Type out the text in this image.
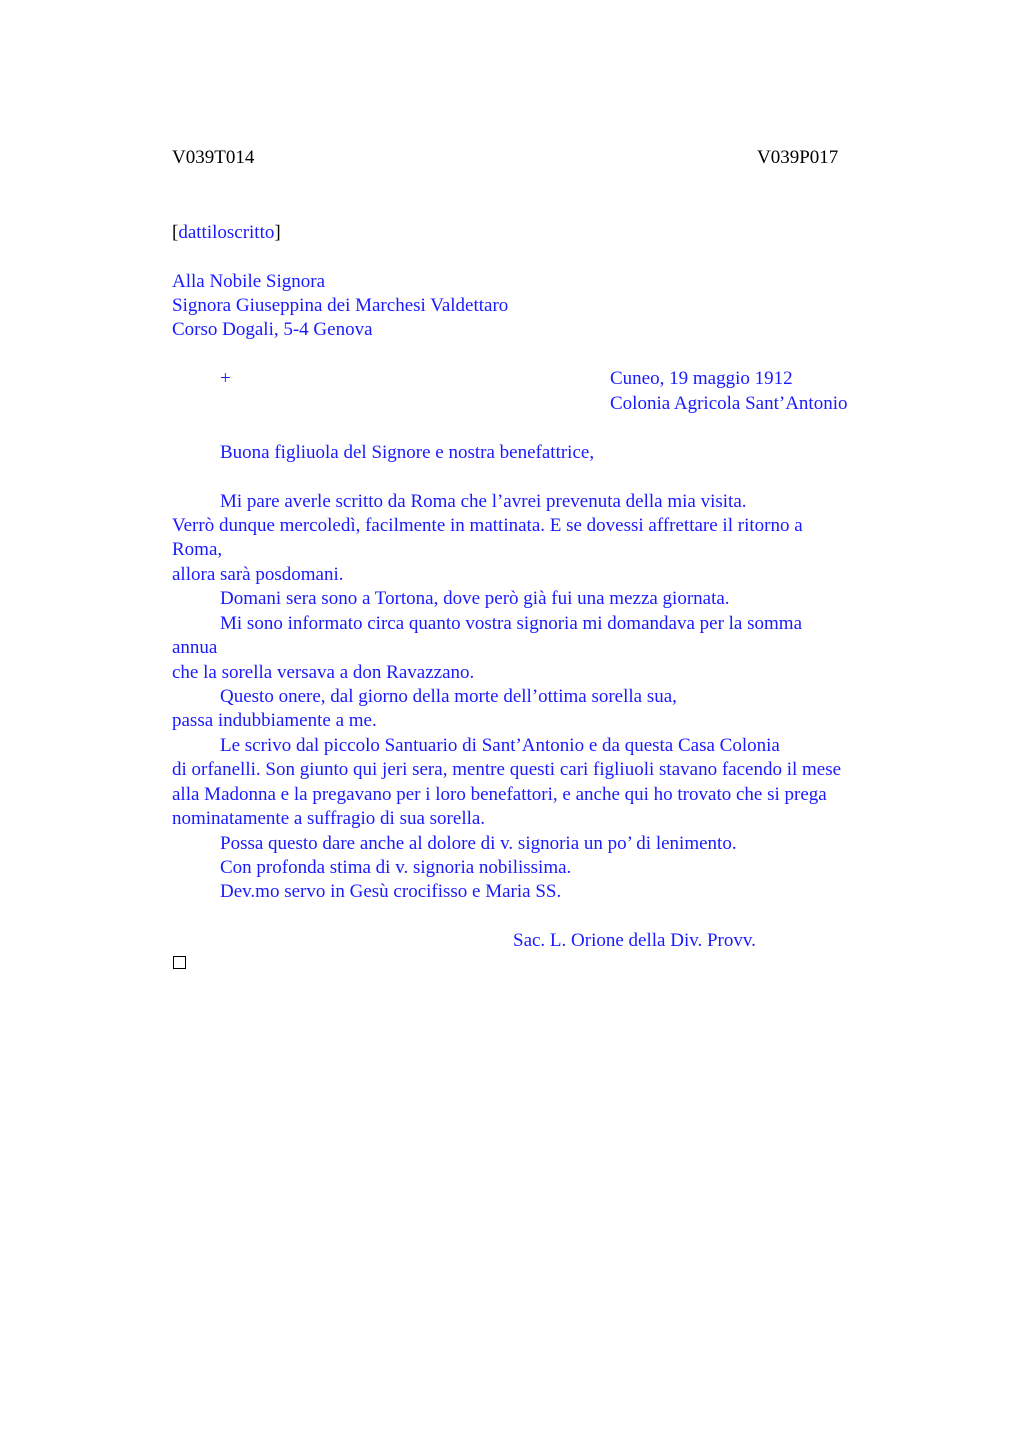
V039T014	V039P017
[dattiloscritto]
Alla Nobile Signora
Signora Giuseppina dei Marchesi Valdettaro
Corso Dogali, 5-4 Genova
+	Cuneo, 19 maggio 1912
Colonia Agricola Sant’Antonio
Buona figliuola del Signore e nostra benefattrice,
Mi pare averle scritto da Roma che l’avrei prevenuta della mia visita.
Verrò dunque mercoledì, facilmente in mattinata. E se dovessi affrettare il ritorno a
Roma,
allora sarà posdomani.
Domani sera sono a Tortona, dove però già fui una mezza giornata.
Mi sono informato circa quanto vostra signoria mi domandava per la somma
annua
che la sorella versava a don Ravazzano.
Questo onere, dal giorno della morte dell’ottima sorella sua,
passa indubbiamente a me.
Le scrivo dal piccolo Santuario di Sant’Antonio e da questa Casa Colonia
di orfanelli. Son giunto qui jeri sera, mentre questi cari figliuoli stavano facendo il mese
alla Madonna e la pregavano per i loro benefattori, e anche qui ho trovato che si prega
nominatamente a suffragio di sua sorella.
Possa questo dare anche al dolore di v. signoria un po’ di lenimento.
Con profonda stima di v. signoria nobilissima.
Dev.mo servo in Gesù crocifisso e Maria SS.
Sac. L. Orione della Div. Provv.
